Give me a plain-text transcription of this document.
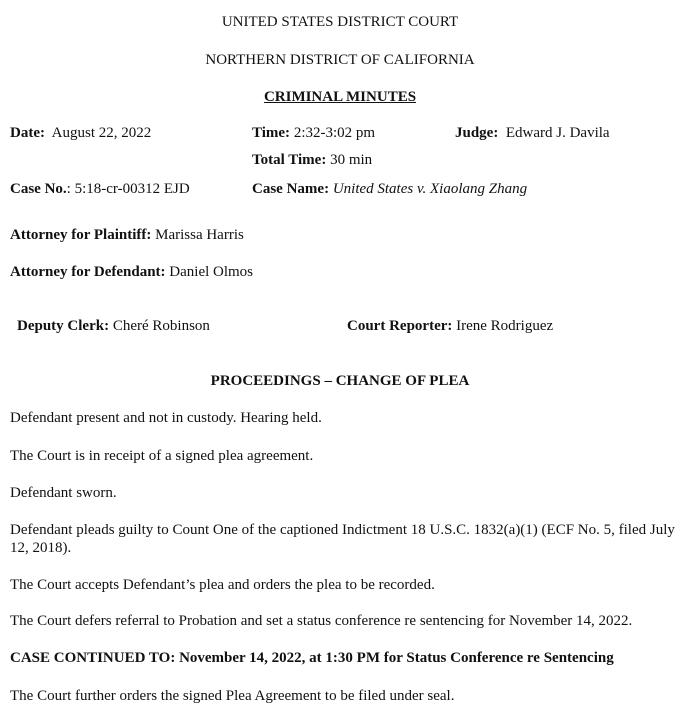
UNITED STATES DISTRICT COURT
NORTHERN DISTRICT OF CALIFORNIA
CRIMINAL MINUTES
Date: August 22, 2022	Time: 2:32-3:02 pm	Judge: Edward J. Davila
Total Time: 30 min
Case No.: 5:18-cr-00312 EJD	Case Name: United States v. Xiaolang Zhang
Attorney for Plaintiff: Marissa Harris
Attorney for Defendant: Daniel Olmos
Deputy Clerk: Cheré Robinson	Court Reporter: Irene Rodriguez
PROCEEDINGS – CHANGE OF PLEA
Defendant present and not in custody. Hearing held.
The Court is in receipt of a signed plea agreement.
Defendant sworn.
Defendant pleads guilty to Count One of the captioned Indictment 18 U.S.C. 1832(a)(1) (ECF No. 5, filed July 12, 2018).
The Court accepts Defendant’s plea and orders the plea to be recorded.
The Court defers referral to Probation and set a status conference re sentencing for November 14, 2022.
CASE CONTINUED TO: November 14, 2022, at 1:30 PM for Status Conference re Sentencing
The Court further orders the signed Plea Agreement to be filed under seal.
